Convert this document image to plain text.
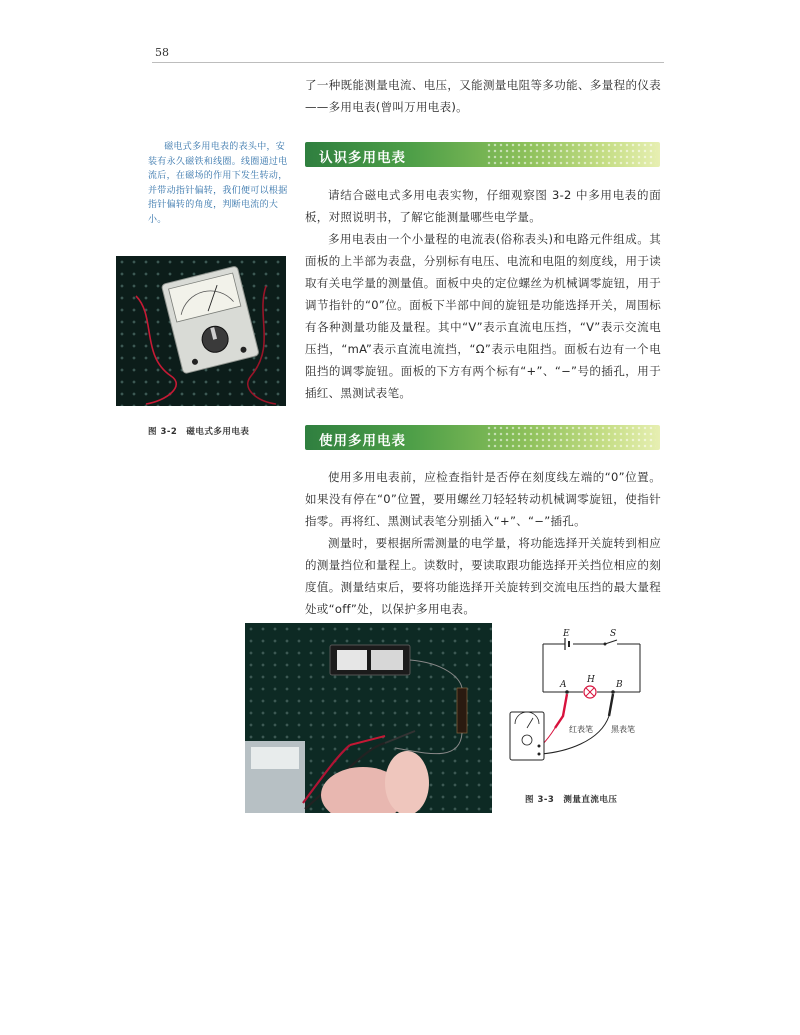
58

了一种既能测量电流、电压，又能测量电阻等多功能、多量程的仪表——多用电表(曾叫万用电表)。

磁电式多用电表的表头中，安装有永久磁铁和线圈。线圈通过电流后，在磁场的作用下发生转动，并带动指针偏转，我们便可以根据指针偏转的角度，判断电流的大小。

认识多用电表

请结合磁电式多用电表实物，仔细观察图 3-2 中多用电表的面板，对照说明书，了解它能测量哪些电学量。

多用电表由一个小量程的电流表(俗称表头)和电路元件组成。其面板的上半部为表盘，分别标有电压、电流和电阻的刻度线，用于读取有关电学量的测量值。面板中央的定位螺丝为机械调零旋钮，用于调节指针的“0”位。面板下半部中间的旋钮是功能选择开关，周围标有各种测量功能及量程。其中“V”表示直流电压挡，“V”表示交流电压挡，“mA”表示直流电流挡，“Ω”表示电阻挡。面板右边有一个电阻挡的调零旋钮。面板的下方有两个标有“+”、“−”号的插孔，用于插红、黑测试表笔。

图 3-2 磁电式多用电表
使用多用电表

使用多用电表前，应检查指针是否停在刻度线左端的“0”位置。如果没有停在“0”位置，要用螺丝刀轻轻转动机械调零旋钮，使指针指零。再将红、黑测试表笔分别插入“+”、“−”插孔。

测量时，要根据所需测量的电学量，将功能选择开关旋转到相应的测量挡位和量程上。读数时，要读取跟功能选择开关挡位相应的刻度值。测量结束后，要将功能选择开关旋转到交流电压挡的最大量程处或“off”处，以保护多用电表。

E	S
A H B
红表笔 黑表笔
图 3-3 测量直流电压
